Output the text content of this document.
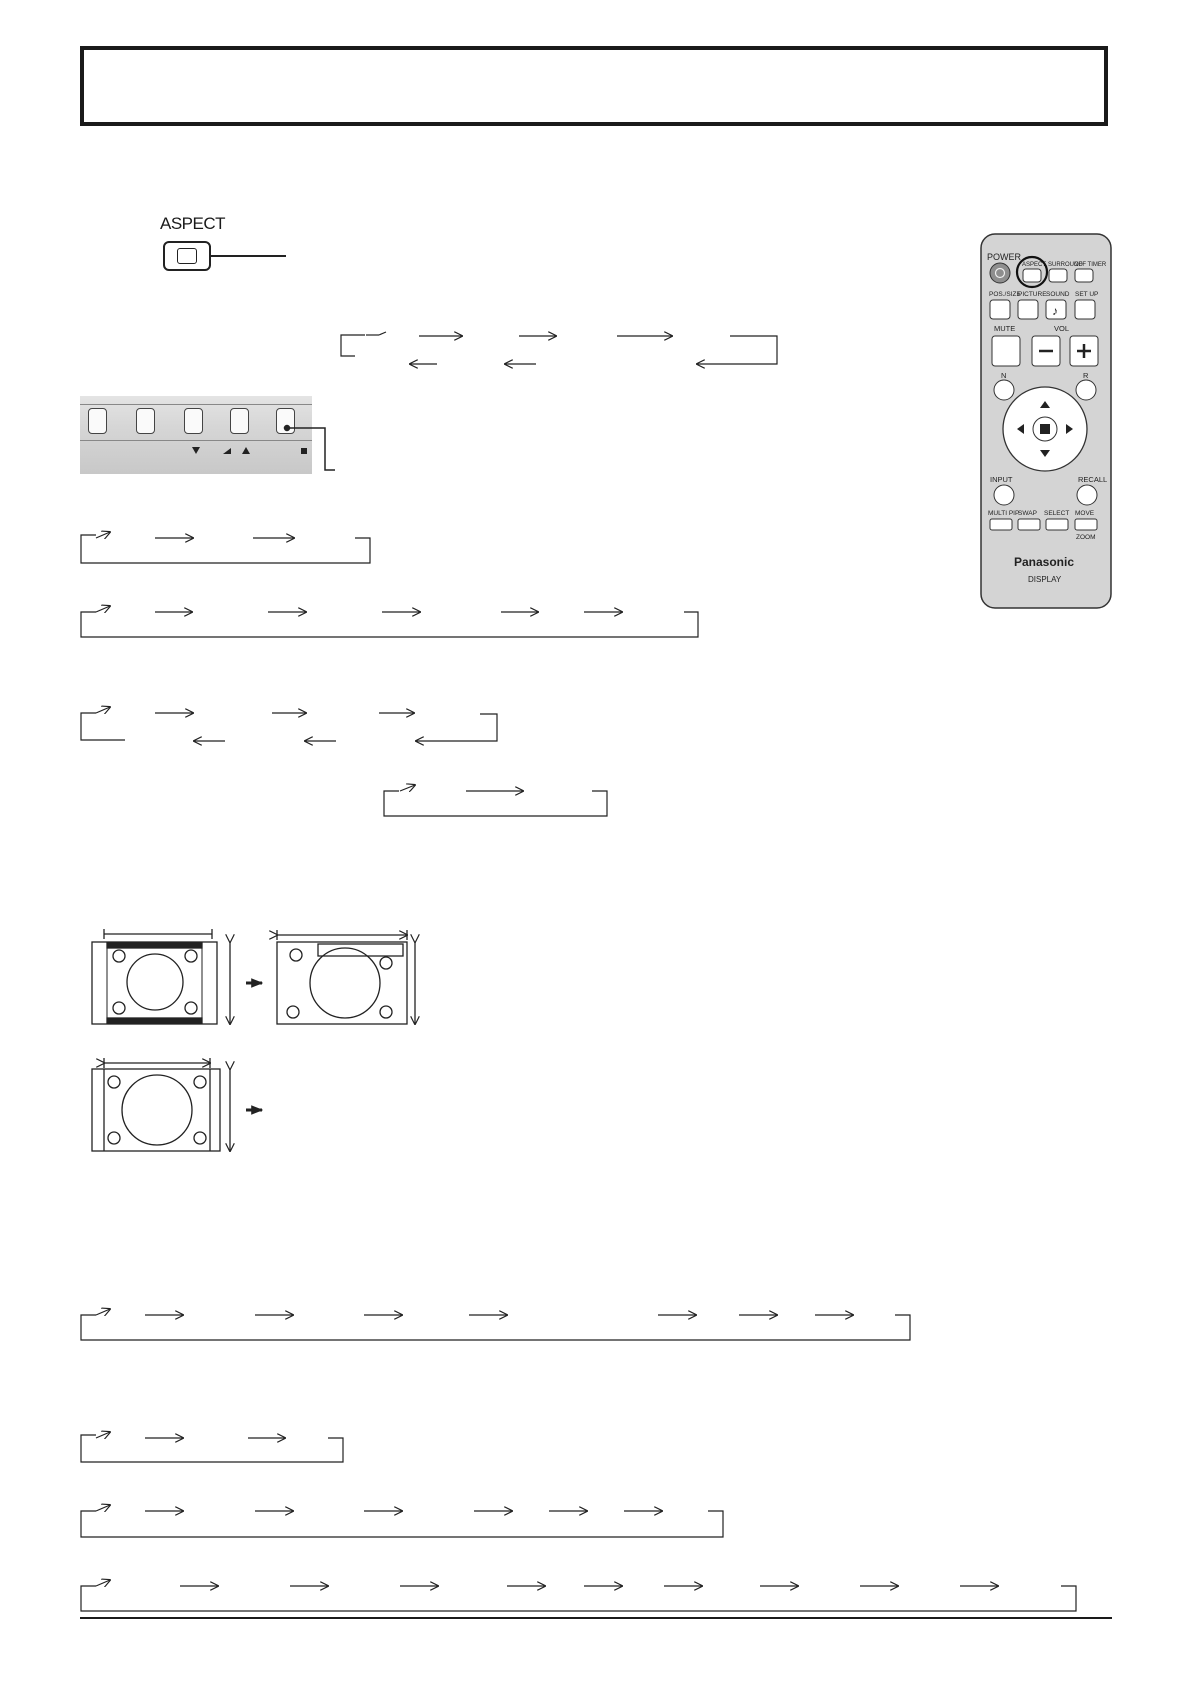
ASPECT
POWER
ASPECT SURROUND
OFF TIMER
POS./SIZE
PICTURE SOUND
♪
SET UP
MUTE	VOL
N	R
INPUT	RECALL
MULTI PIP
SWAP SELECT MOVE
ZOOM
Panasonic
DISPLAY
